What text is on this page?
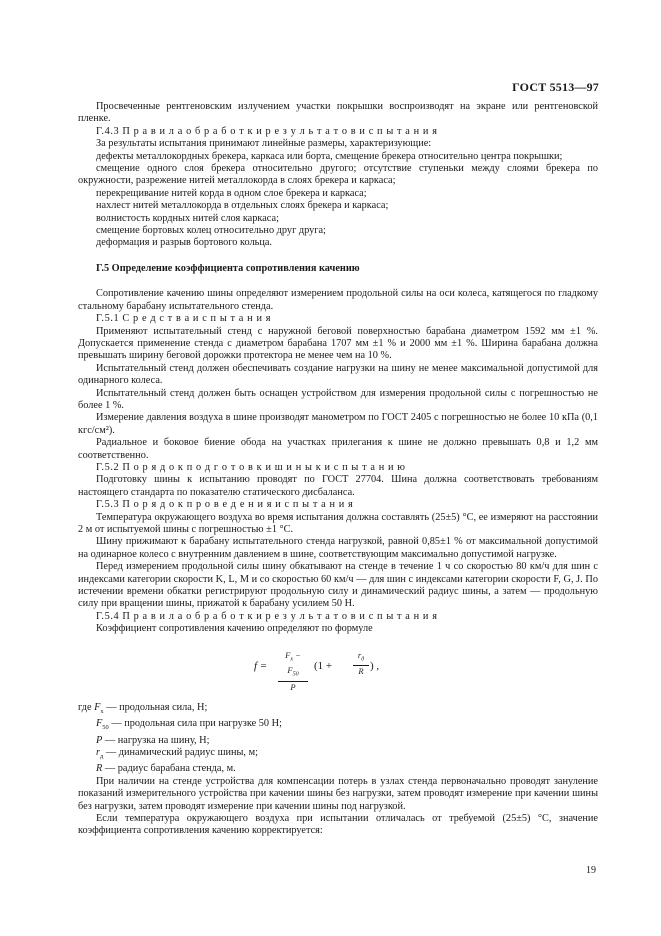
ГОСТ 5513—97

Просвеченные рентгеновским излучением участки покрышки воспроизводят на экране или рентгеновской пленке.

Г.4.3 П р а в и л а о б р а б о т к и р е з у л ь т а т о в и с п ы т а н и я

За результаты испытания принимают линейные размеры, характеризующие:

дефекты металлокордных брекера, каркаса или борта, смещение брекера относительно центра покрышки;

смещение одного слоя брекера относительно другого; отсутствие ступеньки между слоями брекера по окружности, разрежение нитей металлокорда в слоях брекера и каркаса;

перекрещивание нитей корда в одном слое брекера и каркаса;

нахлест нитей металлокорда в отдельных слоях брекера и каркаса;

волнистость кордных нитей слоя каркаса;

смещение бортовых колец относительно друг друга;

деформация и разрыв бортового кольца.

Г.5 Определение коэффициента сопротивления качению

Сопротивление качению шины определяют измерением продольной силы на оси колеса, катящегося по гладкому стальному барабану испытательного стенда.

Г.5.1 С р е д с т в а и с п ы т а н и я

Применяют испытательный стенд с наружной беговой поверхностью барабана диаметром 1592 мм ±1 %. Допускается применение стенда с диаметром барабана 1707 мм ±1 % и 2000 мм ±1 %. Ширина барабана должна превышать ширину беговой дорожки протектора не менее чем на 10 %.

Испытательный стенд должен обеспечивать создание нагрузки на шину не менее максимальной допустимой для одинарного колеса.

Испытательный стенд должен быть оснащен устройством для измерения продольной силы с погрешностью не более 1 %.

Измерение давления воздуха в шине производят манометром по ГОСТ 2405 с погрешностью не более 10 кПа (0,1 кгс/см²).

Радиальное и боковое биение обода на участках прилегания к шине не должно превышать 0,8 и 1,2 мм соответственно.

Г.5.2 П о р я д о к п о д г о т о в к и ш и н ы к и с п ы т а н и ю

Подготовку шины к испытанию проводят по ГОСТ 27704. Шина должна соответствовать требованиям настоящего стандарта по показателю статического дисбаланса.

Г.5.3 П о р я д о к п р о в е д е н и я и с п ы т а н и я

Температура окружающего воздуха во время испытания должна составлять (25±5) °С, ее измеряют на расстоянии 2 м от испытуемой шины с погрешностью ±1 °С.

Шину прижимают к барабану испытательного стенда нагрузкой, равной 0,85±1 % от максимальной допустимой на одинарное колесо с внутренним давлением в шине, соответствующим максимально допустимой нагрузке.

Перед измерением продольной силы шину обкатывают на стенде в течение 1 ч со скоростью 80 км/ч для шин с индексами категории скорости K, L, M и со скоростью 60 км/ч — для шин с индексами категории скорости F, G, J. По истечении времени обкатки регистрируют продольную силу и динамический радиус шины, а затем — продольную силу при вращении шины, прижатой к барабану усилием 50 Н.

Г.5.4 П р а в и л а о б р а б о т к и р е з у л ь т а т о в и с п ы т а н и я

Коэффициент сопротивления качению определяют по формуле

$f = \frac{F_x - F_{50}}{P} (1$ +
$r_д$
R ) ,

где $F_x$ — продольная сила, Н;

$F_{50}$ — продольная сила при нагрузке 50 Н;

P — нагрузка на шину, Н;

$r_д$ — динамический радиус шины, м;

R — радиус барабана стенда, м.

При наличии на стенде устройства для компенсации потерь в узлах стенда первоначально проводят зануление показаний измерительного устройства при качении шины без нагрузки, затем проводят измерение при качении шины без нагрузки, затем проводят измерение при качении шины под нагрузкой.

Если температура окружающего воздуха при испытании отличалась от требуемой (25±5) °С, значение коэффициента сопротивления качению корректируется:

19
